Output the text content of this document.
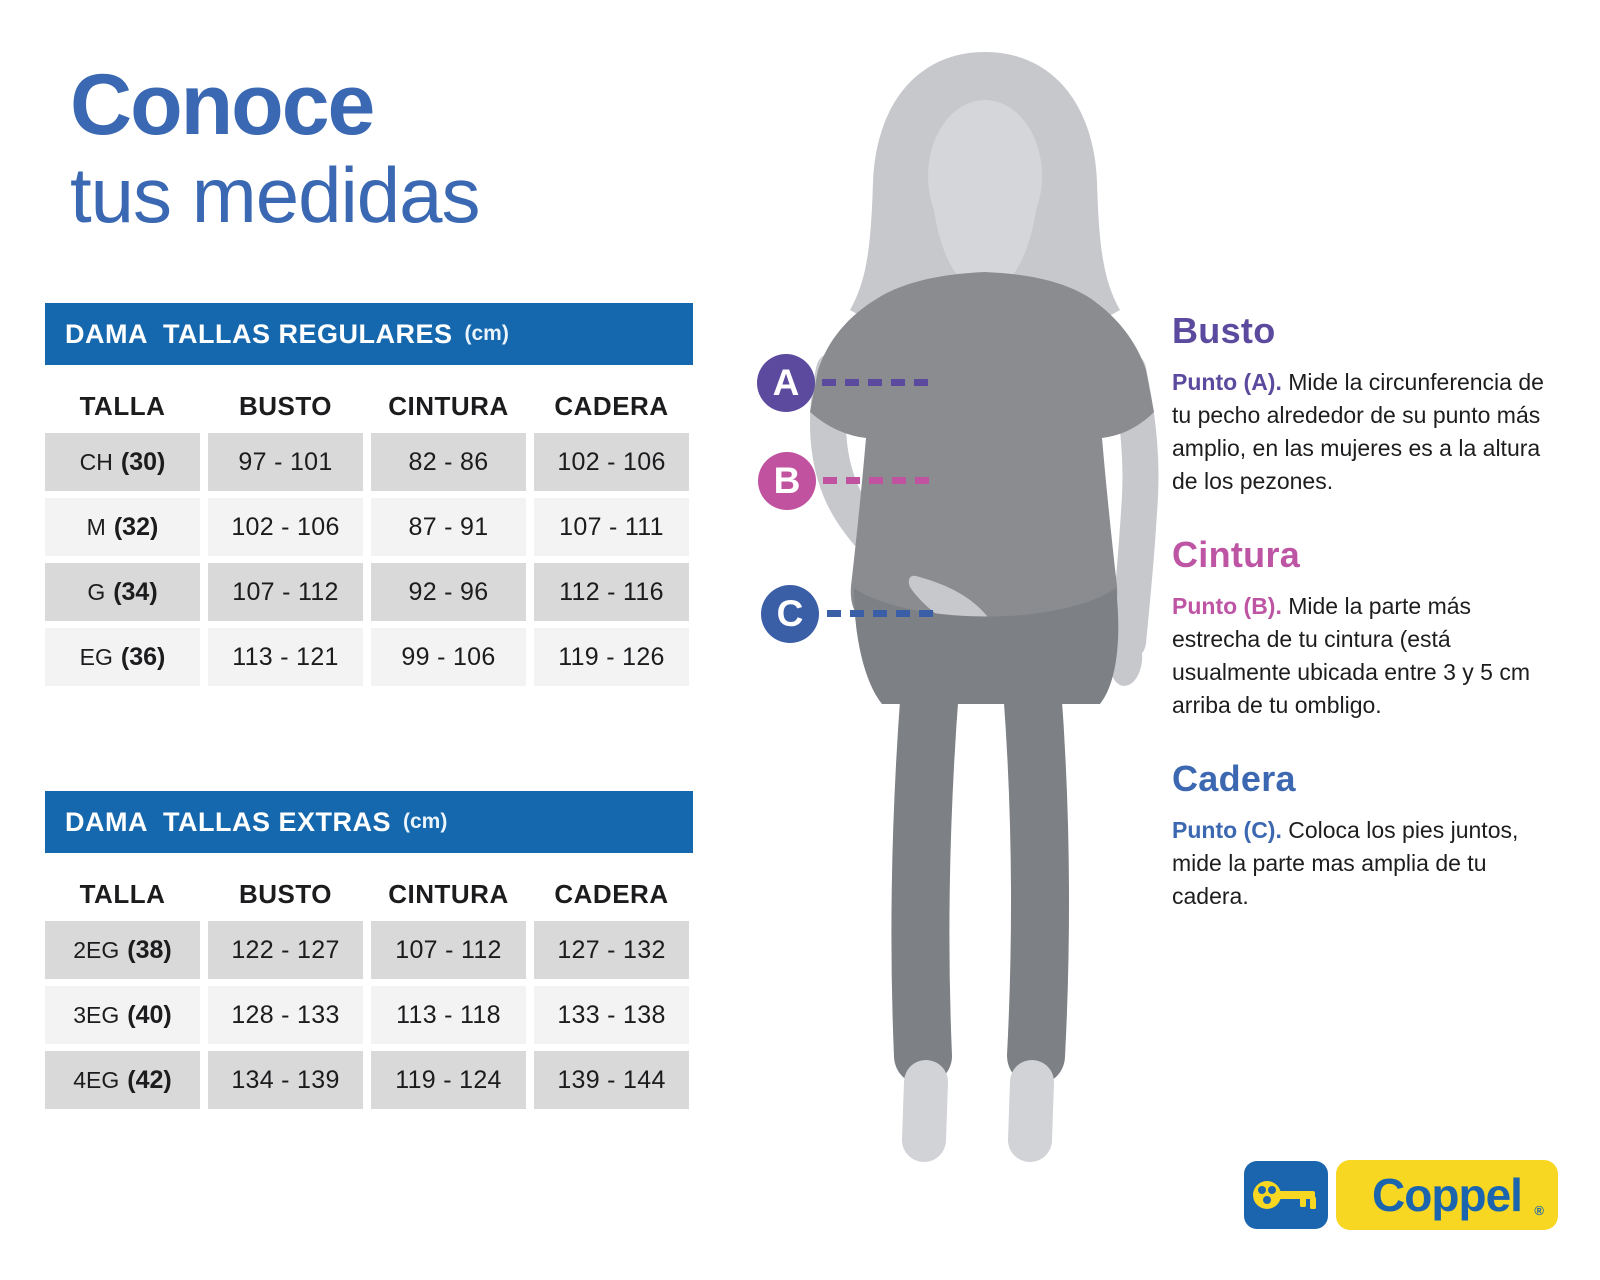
Conoce
tus medidas
DAMA  TALLAS REGULARES (cm)
TALLA	BUSTO	CINTURA	CADERA
CH (30)	97 - 101	82 - 86	102 - 106
M (32)	102 - 106	87 - 91	107 - 111
G (34)	107 - 112	92 - 96	112 - 116
EG (36)	113 - 121	99 - 106	119 - 126
DAMA  TALLAS EXTRAS (cm)
TALLA	BUSTO	CINTURA	CADERA
2EG (38) 122 - 127 107 - 112 127 - 132
3EG (40) 128 - 133 113 - 118 133 - 138
4EG (42) 134 - 139 119 - 124 139 - 144
A
B
C
Busto

Punto (A). Mide la circunferencia de tu pecho alrededor de su punto más amplio, en las mujeres es a la altura de los pezones.

Cintura

Punto (B). Mide la parte más estrecha de tu cintura (está usualmente ubicada entre 3 y 5 cm arriba de tu ombligo.

Cadera

Punto (C). Coloca los pies juntos, mide la parte mas amplia de tu cadera.

Coppel ®
